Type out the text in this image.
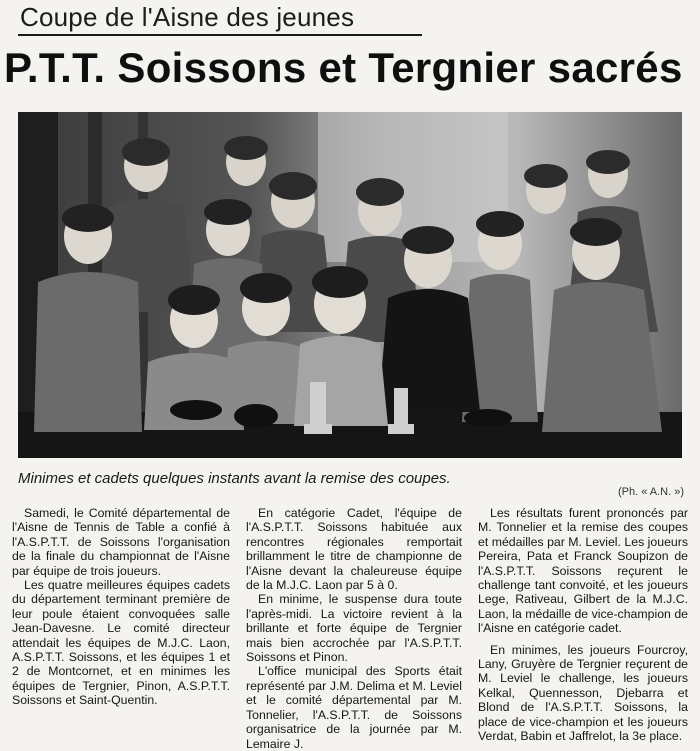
Coupe de l'Aisne des jeunes
P.T.T. Soissons et Tergnier sacrés
Minimes et cadets quelques instants avant la remise des coupes.
(Ph. « A.N. »)

Samedi, le Comité départemental de l'Aisne de Tennis de Table a confié à l'A.S.P.T.T. de Soissons l'organisation de la finale du championnat de l'Aisne par équipe de trois joueurs.

Les quatre meilleures équipes cadets du département terminant première de leur poule étaient convoquées salle Jean-Davesne. Le comité directeur attendait les équipes de M.J.C. Laon, A.S.P.T.T. Soissons, et les équipes 1 et 2 de Montcornet, et en minimes les équipes de Tergnier, Pinon, A.S.P.T.T. Soissons et Saint-Quentin.

En catégorie Cadet, l'équipe de l'A.S.P.T.T. Soissons habituée aux rencontres régionales remportait brillamment le titre de championne de l'Aisne devant la chaleureuse équipe de la M.J.C. Laon par 5 à 0.

En minime, le suspense dura toute l'après-midi. La victoire revient à la brillante et forte équipe de Tergnier mais bien accrochée par l'A.S.P.T.T. Soissons et Pinon.

L'office municipal des Sports était représenté par J.M. Delima et M. Leviel et le comité départemental par M. Tonnelier, l'A.S.P.T.T. de Soissons organisatrice de la journée par M. Lemaire J.

Les résultats furent prononcés par M. Tonnelier et la remise des coupes et médailles par M. Leviel. Les joueurs Pereira, Pata et Franck Soupizon de l'A.S.P.T.T. Soissons reçurent le challenge tant convoité, et les joueurs Lege, Rativeau, Gilbert de la M.J.C. Laon, la médaille de vice-champion de l'Aisne en catégorie cadet.

En minimes, les joueurs Fourcroy, Lany, Gruyère de Tergnier reçurent de M. Leviel le challenge, les joueurs Kelkal, Quennesson, Djebarra et Blond de l'A.S.P.T.T. Soissons, la place de vice-champion et les joueurs Verdat, Babin et Jaffrelot, la 3e place.
